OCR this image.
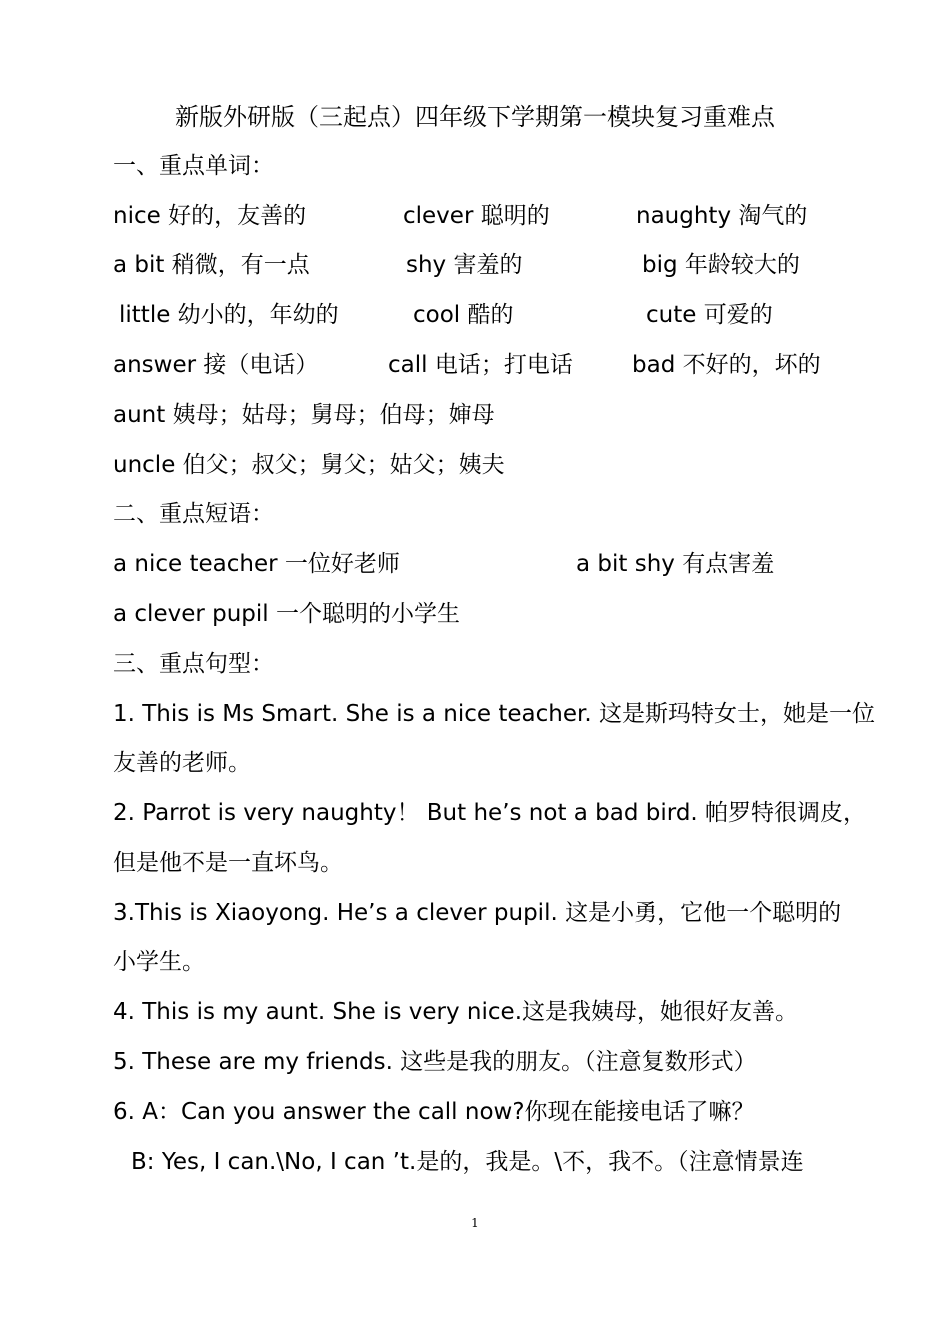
新版外研版（三起点）四年级下学期第一模块复习重难点
一、重点单词：
nice 好的，友善的	clever 聪明的	naughty 淘气的
a bit 稍微，有一点	shy 害羞的	big 年龄较大的
little 幼小的，年幼的	cool 酷的	cute 可爱的
answer 接（电话）	call 电话；打电话	bad 不好的，坏的
aunt 姨母；姑母；舅母；伯母；婶母
uncle 伯父；叔父；舅父；姑父；姨夫
二、重点短语：
a nice teacher 一位好老师	a bit shy 有点害羞
a clever pupil 一个聪明的小学生
三、重点句型：
1. This is Ms Smart. She is a nice teacher. 这是斯玛特女士，她是一位
友善的老师。
2. Parrot is very naughty！ But he’s not a bad bird. 帕罗特很调皮，
但是他不是一直坏鸟。
3.This is Xiaoyong. He’s a clever pupil. 这是小勇，它他一个聪明的
小学生。
4. This is my aunt. She is very nice.这是我姨母，她很好友善。
5. These are my friends. 这些是我的朋友。（注意复数形式）
6. A：Can you answer the call now?你现在能接电话了嘛？
B: Yes, I can.\No, I can ’t.是的，我是。\不，我不。（注意情景连
1
